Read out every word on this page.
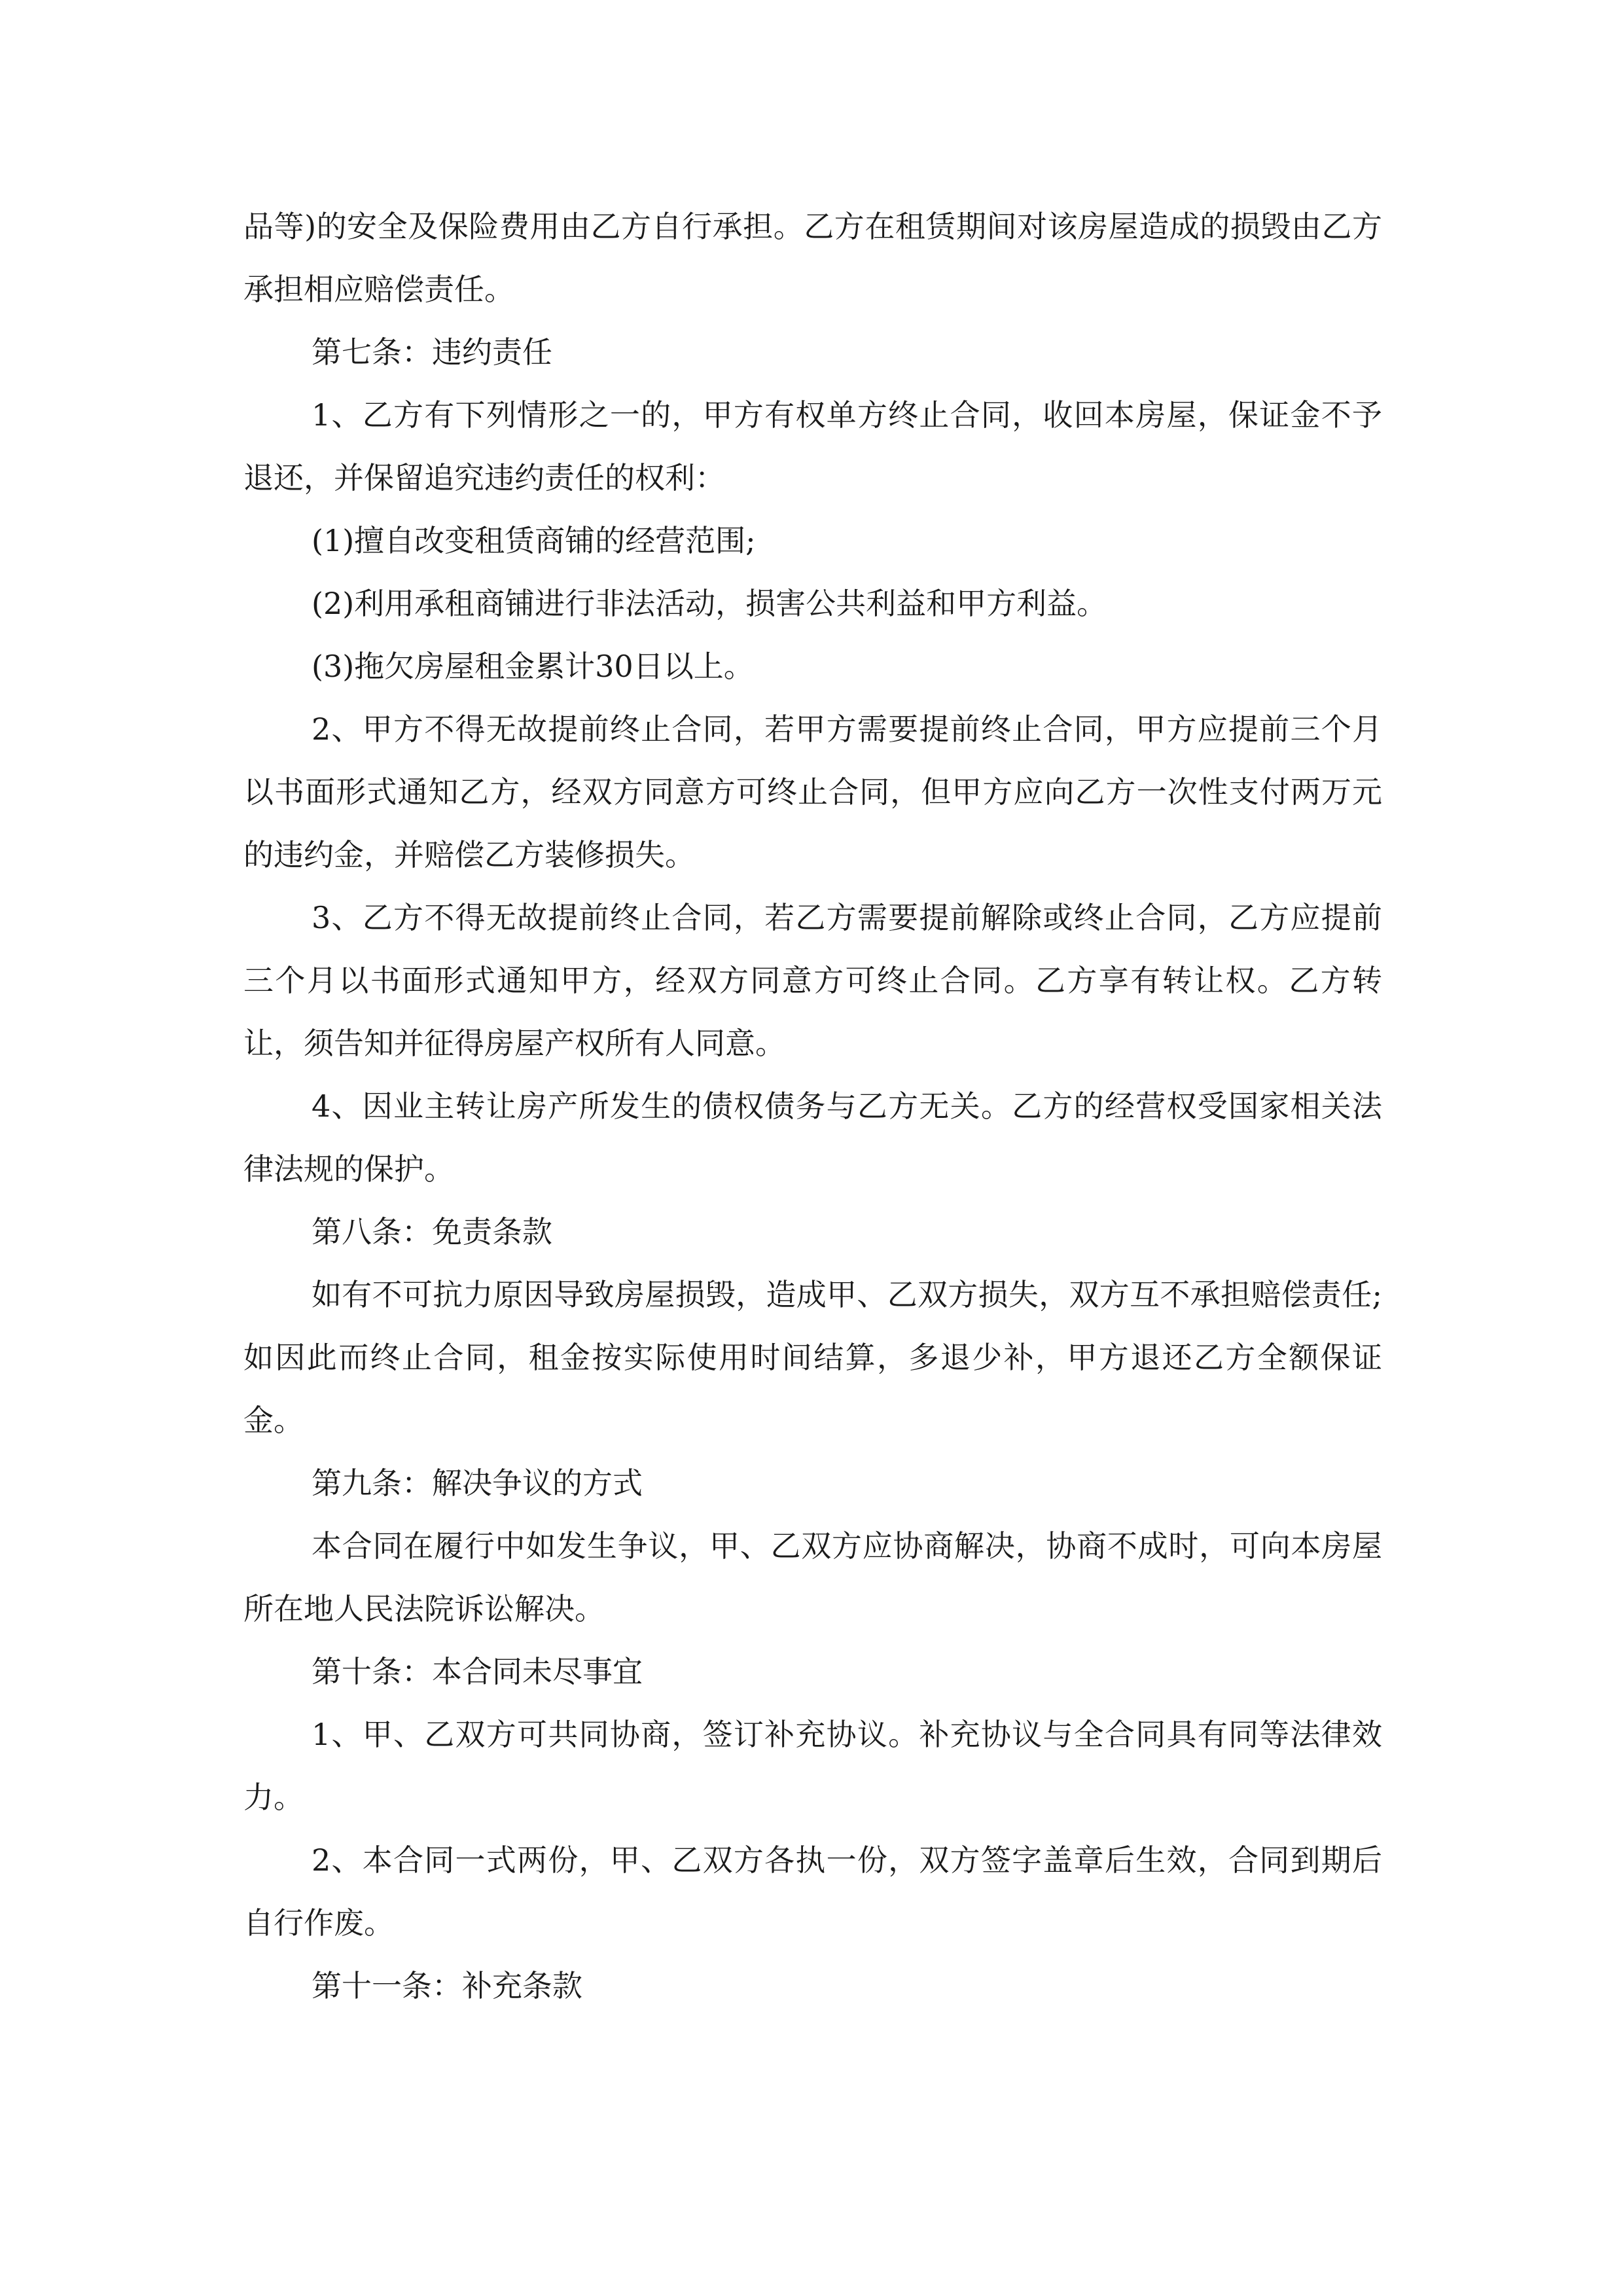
品等)的安全及保险费用由乙方自行承担。乙方在租赁期间对该房屋造成的损毁由乙方承担相应赔偿责任。

第七条：违约责任

1、乙方有下列情形之一的，甲方有权单方终止合同，收回本房屋，保证金不予退还，并保留追究违约责任的权利：

(1)擅自改变租赁商铺的经营范围;

(2)利用承租商铺进行非法活动，损害公共利益和甲方利益。

(3)拖欠房屋租金累计30日以上。

2、甲方不得无故提前终止合同，若甲方需要提前终止合同，甲方应提前三个月以书面形式通知乙方，经双方同意方可终止合同，但甲方应向乙方一次性支付两万元的违约金，并赔偿乙方装修损失。

3、乙方不得无故提前终止合同，若乙方需要提前解除或终止合同，乙方应提前三个月以书面形式通知甲方，经双方同意方可终止合同。乙方享有转让权。乙方转让，须告知并征得房屋产权所有人同意。

4、因业主转让房产所发生的债权债务与乙方无关。乙方的经营权受国家相关法律法规的保护。

第八条：免责条款

如有不可抗力原因导致房屋损毁，造成甲、乙双方损失，双方互不承担赔偿责任;如因此而终止合同，租金按实际使用时间结算，多退少补，甲方退还乙方全额保证金。

第九条：解决争议的方式

本合同在履行中如发生争议，甲、乙双方应协商解决，协商不成时，可向本房屋所在地人民法院诉讼解决。

第十条：本合同未尽事宜

1、甲、乙双方可共同协商，签订补充协议。补充协议与全合同具有同等法律效力。

2、本合同一式两份，甲、乙双方各执一份，双方签字盖章后生效，合同到期后自行作废。

第十一条：补充条款
